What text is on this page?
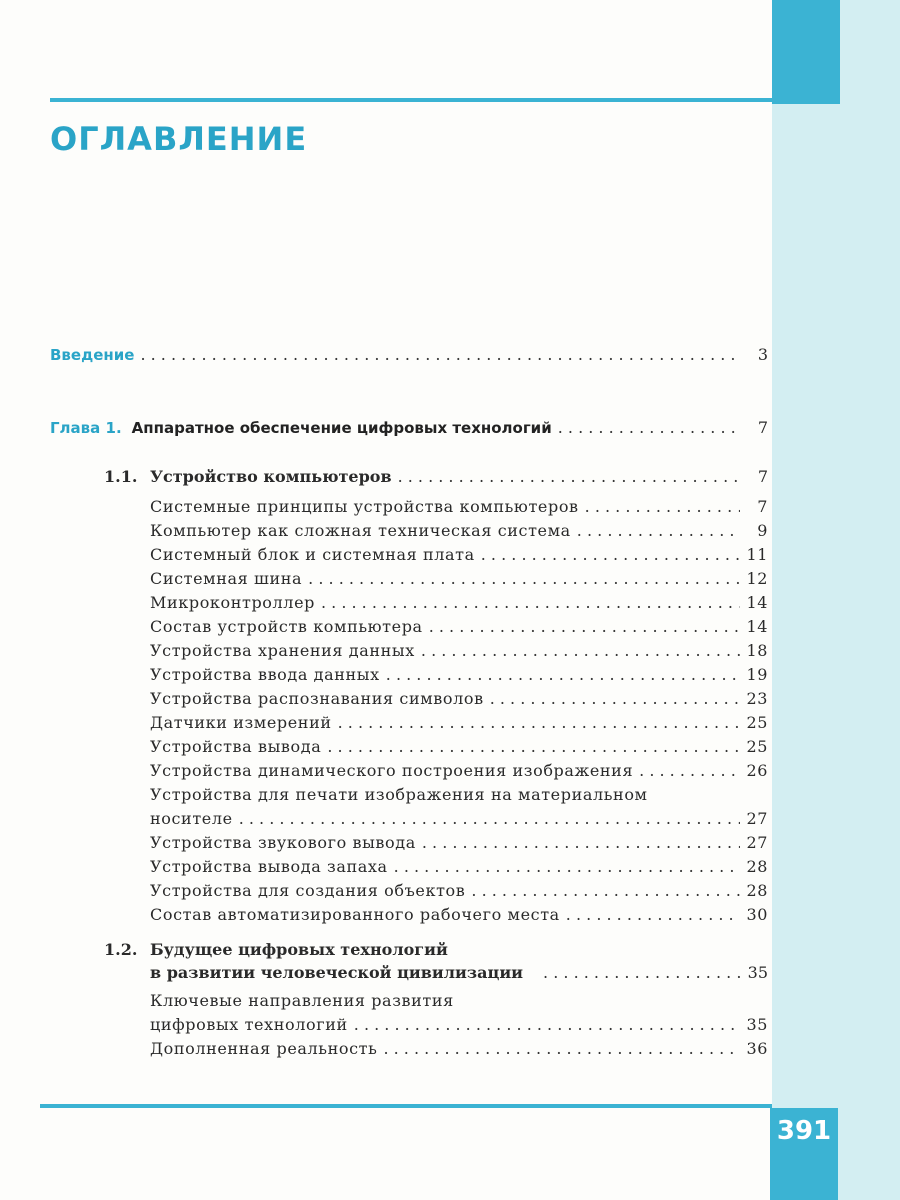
ОГЛАВЛЕНИЕ
Введение . . .	3
Глава 1. Аппаратное обеспечение цифровых технологий . . .	7
1.1. Устройство компьютеров . . .	7
Системные принципы устройства компьютеров . . .	7
Компьютер как сложная техническая система . . .	9
Системный блок и системная плата . . .	11
Системная шина . . .	12
Микроконтроллер . . .	14
Состав устройств компьютера . . .	14
Устройства хранения данных . . .	18
Устройства ввода данных . . .	19
Устройства распознавания символов . . .	23
Датчики измерений . . .	25
Устройства вывода . . .	25
Устройства динамического построения изображения . . .	26
Устройства для печати изображения на материальном
носителе . . .	27
Устройства звукового вывода . . .	27
Устройства вывода запаха . . .	28
Устройства для создания объектов . . .	28
Состав автоматизированного рабочего места . . .	30
1.2. Будущее цифровых технологий
в развитии человеческой цивилизации . . .	35
Ключевые направления развития
цифровых технологий . . .	35
Дополненная реальность . . .	36
391
